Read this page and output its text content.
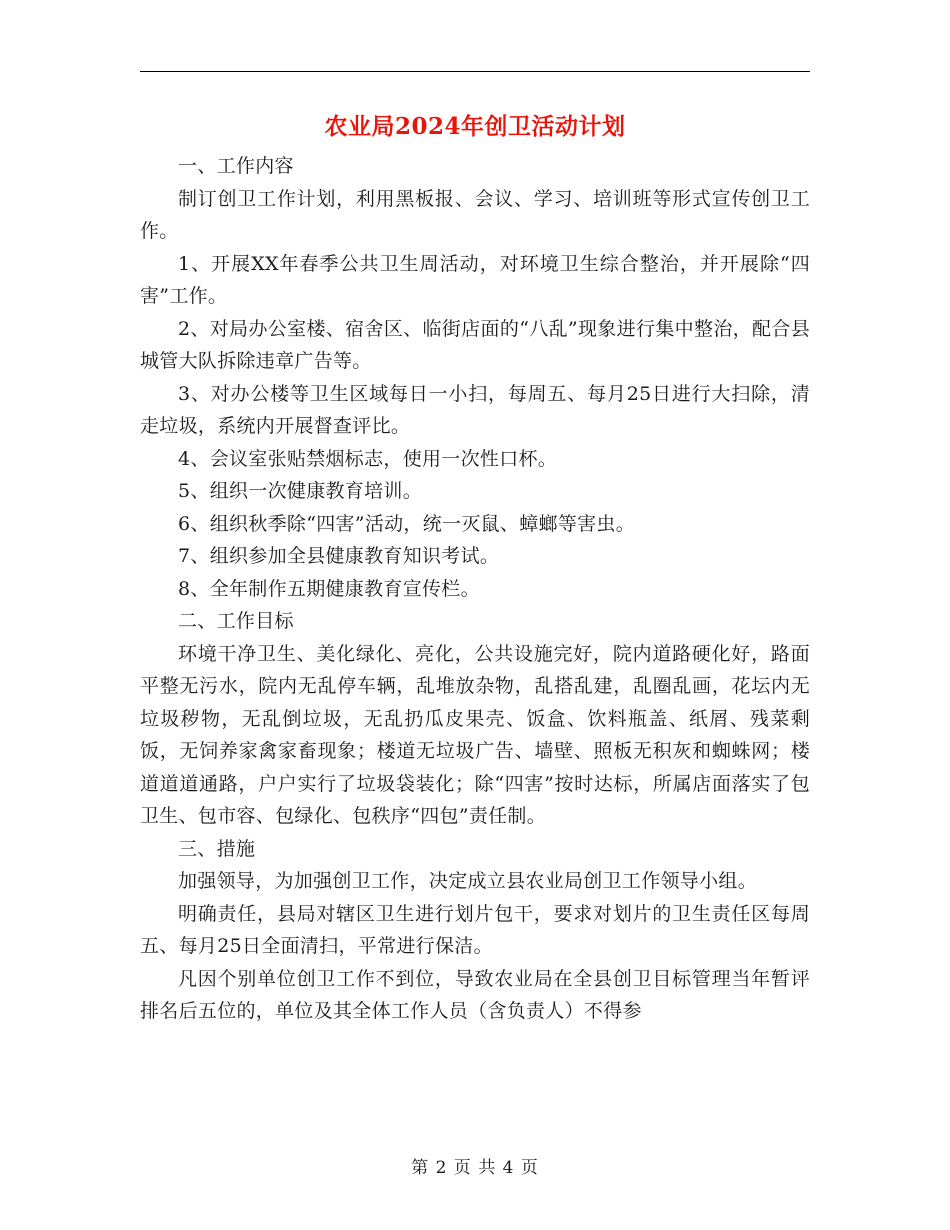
农业局2024年创卫活动计划

一、工作内容

制订创卫工作计划，利用黑板报、会议、学习、培训班等形式宣传创卫工作。

1、开展XX年春季公共卫生周活动，对环境卫生综合整治，并开展除“四害”工作。

2、对局办公室楼、宿舍区、临街店面的“八乱”现象进行集中整治，配合县城管大队拆除违章广告等。

3、对办公楼等卫生区域每日一小扫，每周五、每月25日进行大扫除，清走垃圾，系统内开展督查评比。

4、会议室张贴禁烟标志，使用一次性口杯。

5、组织一次健康教育培训。

6、组织秋季除“四害”活动，统一灭鼠、蟑螂等害虫。

7、组织参加全县健康教育知识考试。

8、全年制作五期健康教育宣传栏。

二、工作目标

环境干净卫生、美化绿化、亮化，公共设施完好，院内道路硬化好，路面平整无污水，院内无乱停车辆，乱堆放杂物，乱搭乱建，乱圈乱画，花坛内无垃圾秽物，无乱倒垃圾，无乱扔瓜皮果壳、饭盒、饮料瓶盖、纸屑、残菜剩饭，无饲养家禽家畜现象；楼道无垃圾广告、墙壁、照板无积灰和蜘蛛网；楼道道道通路，户户实行了垃圾袋装化；除“四害”按时达标，所属店面落实了包卫生、包市容、包绿化、包秩序“四包”责任制。

三、措施

加强领导，为加强创卫工作，决定成立县农业局创卫工作领导小组。

明确责任，县局对辖区卫生进行划片包干，要求对划片的卫生责任区每周五、每月25日全面清扫，平常进行保洁。

凡因个别单位创卫工作不到位，导致农业局在全县创卫目标管理当年暂评排名后五位的，单位及其全体工作人员（含负责人）不得参

第 2 页 共 4 页
